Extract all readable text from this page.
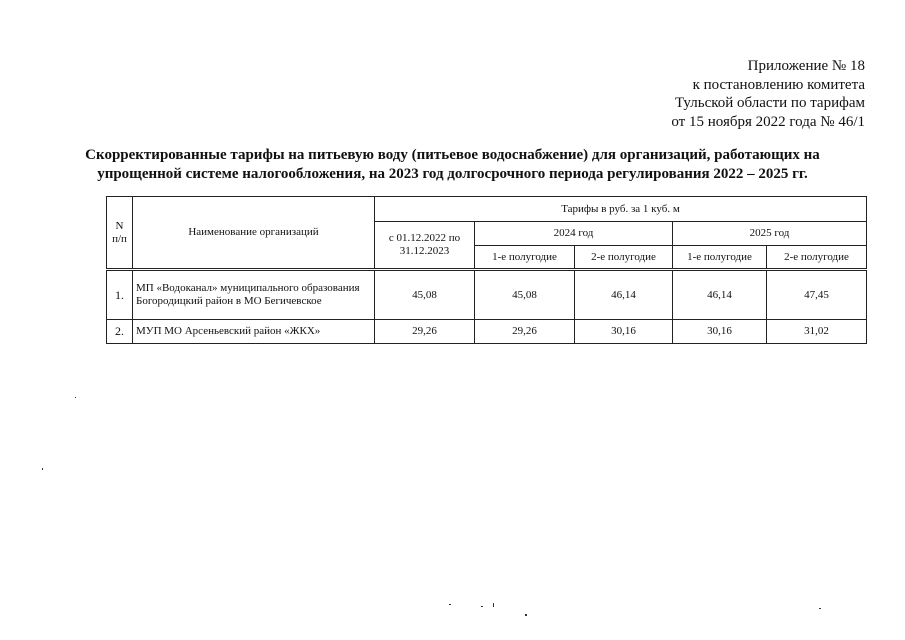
Приложение № 18
к постановлению комитета
Тульской области по тарифам
от 15 ноября 2022 года № 46/1
Скорректированные тарифы на питьевую воду (питьевое водоснабжение) для организаций, работающих на
упрощенной системе налогообложения, на 2023 год долгосрочного периода регулирования 2022 – 2025 гг.
N п/п	Наименование организаций	Тарифы в руб. за 1 куб. м				
		с 01.12.2022 по 31.12.2023	2024 год		2025 год	
			1-е полугодие	2-е полугодие	1-е полугодие	2-е полугодие
1.	МП «Водоканал» муниципального образования Богородицкий район в МО Бегичевское	45,08	45,08	46,14	46,14	47,45
2.	МУП МО Арсеньевский район «ЖКХ»	29,26	29,26	30,16	30,16	31,02
